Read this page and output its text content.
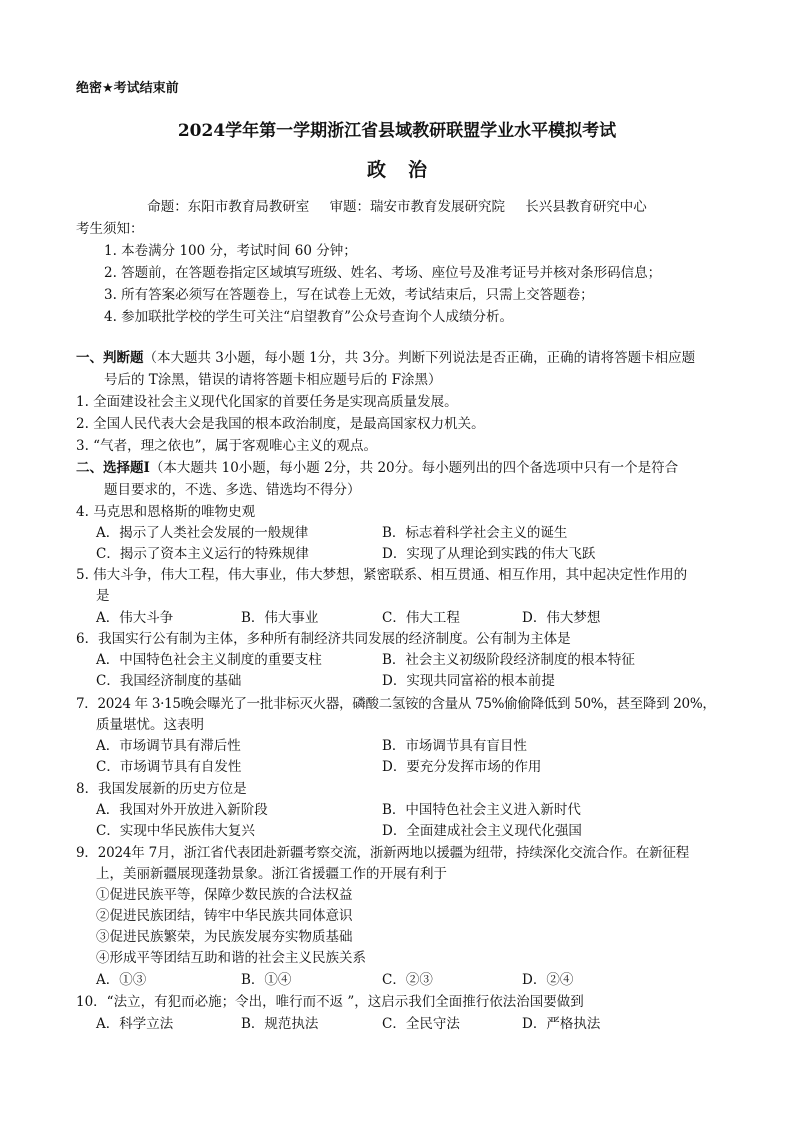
绝密★考试结束前
2024学年第一学期浙江省县域教研联盟学业水平模拟考试
政治
命题：东阳市教育局教研室 审题：瑞安市教育发展研究院 长兴县教育研究中心
考生须知：
1. 本卷满分 100 分，考试时间 60 分钟；
2. 答题前，在答题卷指定区域填写班级、姓名、考场、座位号及准考证号并核对条形码信息；
3. 所有答案必须写在答题卷上，写在试卷上无效，考试结束后，只需上交答题卷；
4. 参加联批学校的学生可关注“启望教育”公众号查询个人成绩分析。
一、判断题（本大题共 3小题，每小题 1分，共 3分。判断下列说法是否正确，正确的请将答题卡相应题
号后的 T涂黑，错误的请将答题卡相应题号后的 F涂黑）
1. 全面建设社会主义现代化国家的首要任务是实现高质量发展。
2. 全国人民代表大会是我国的根本政治制度，是最高国家权力机关。
3. “气者，理之依也”，属于客观唯心主义的观点。
二、选择题Ⅰ（本大题共 10小题，每小题 2分，共 20分。每小题列出的四个备选项中只有一个是符合
题目要求的，不选、多选、错选均不得分）
4. 马克思和恩格斯的唯物史观
A．揭示了人类社会发展的一般规律	B．标志着科学社会主义的诞生
C．揭示了资本主义运行的特殊规律	D．实现了从理论到实践的伟大飞跃
5. 伟大斗争，伟大工程，伟大事业，伟大梦想，紧密联系、相互贯通、相互作用，其中起决定性作用的
是
A．伟大斗争	B．伟大事业	C．伟大工程	D．伟大梦想
6．我国实行公有制为主体，多种所有制经济共同发展的经济制度。公有制为主体是
A．中国特色社会主义制度的重要支柱	B．社会主义初级阶段经济制度的根本特征
C．我国经济制度的基础	D．实现共同富裕的根本前提
7．2024 年 3·15晚会曝光了一批非标灭火器，磷酸二氢铵的含量从 75%偷偷降低到 50%，甚至降到 20%，
质量堪忧。这表明
A．市场调节具有滞后性	B．市场调节具有盲目性
C．市场调节具有自发性	D．要充分发挥市场的作用
8．我国发展新的历史方位是
A．我国对外开放进入新阶段	B．中国特色社会主义进入新时代
C．实现中华民族伟大复兴	D．全面建成社会主义现代化强国
9．2024年 7月，浙江省代表团赴新疆考察交流，浙新两地以援疆为纽带，持续深化交流合作。在新征程
上，美丽新疆展现蓬勃景象。浙江省援疆工作的开展有利于
①促进民族平等，保障少数民族的合法权益
②促进民族团结，铸牢中华民族共同体意识
③促进民族繁荣，为民族发展夯实物质基础
④形成平等团结互助和谐的社会主义民族关系
A．①③	B．①④	C．②③	D．②④
10．“法立，有犯而必施；令出，唯行而不返 ”，这启示我们全面推行依法治国要做到
A．科学立法	B．规范执法	C．全民守法	D．严格执法
